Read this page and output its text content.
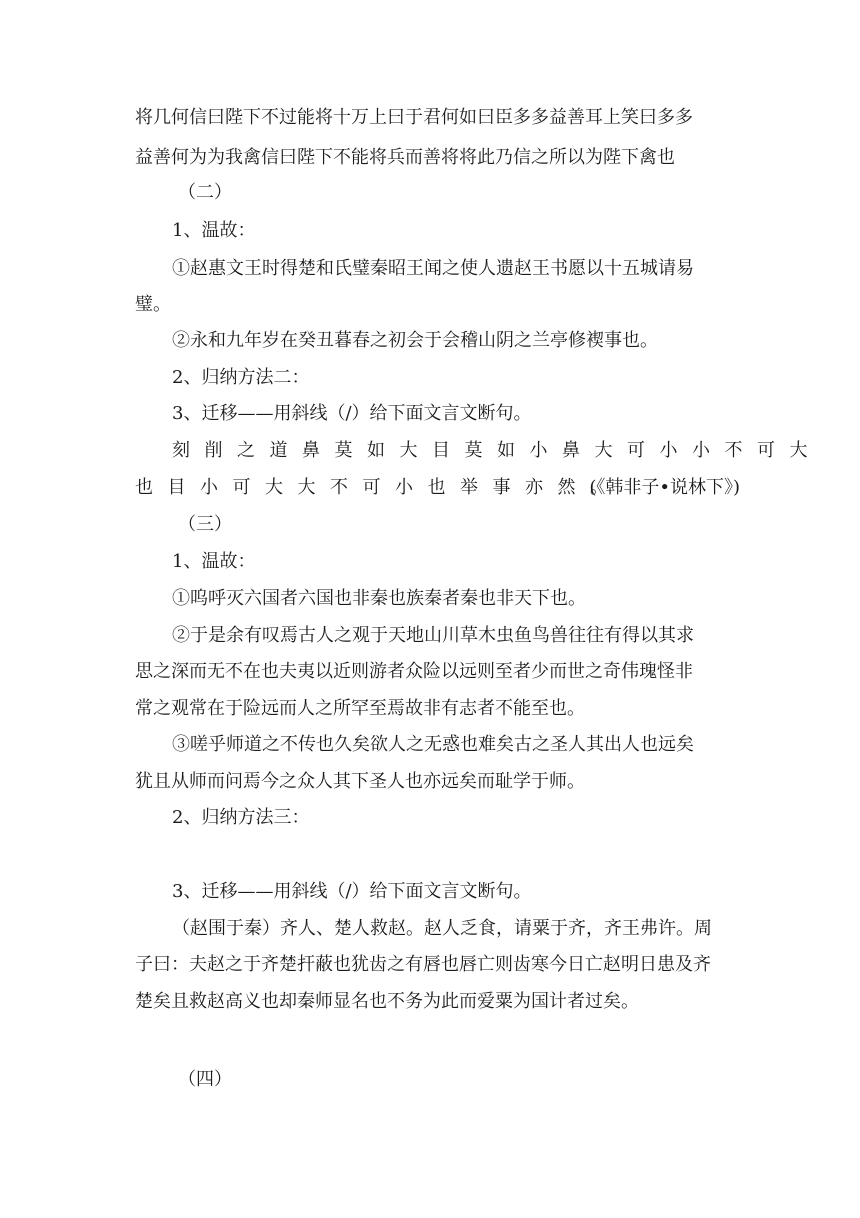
将几何信曰陛下不过能将十万上曰于君何如曰臣多多益善耳上笑曰多多
益善何为为我禽信曰陛下不能将兵而善将将此乃信之所以为陛下禽也
（二）
1、温故：
①赵惠文王时得楚和氏璧秦昭王闻之使人遗赵王书愿以十五城请易
璧。
②永和九年岁在癸丑暮春之初会于会稽山阴之兰亭修褉事也。
2、归纳方法二：
3、迁移——用斜线（/）给下面文言文断句。
刻削之道鼻莫如大目莫如小鼻大可小小不可大
也目小可大大不可小也举事亦然。
(《韩非子•说林下》)
（三）
1、温故：
①呜呼灭六国者六国也非秦也族秦者秦也非天下也。
②于是余有叹焉古人之观于天地山川草木虫鱼鸟兽往往有得以其求
思之深而无不在也夫夷以近则游者众险以远则至者少而世之奇伟瑰怪非
常之观常在于险远而人之所罕至焉故非有志者不能至也。
③嗟乎师道之不传也久矣欲人之无惑也难矣古之圣人其出人也远矣
犹且从师而问焉今之众人其下圣人也亦远矣而耻学于师。
2、归纳方法三：
3、迁移——用斜线（/）给下面文言文断句。
（赵围于秦）齐人、楚人救赵。赵人乏食，请粟于齐，齐王弗许。周
子曰：夫赵之于齐楚扞蔽也犹齿之有唇也唇亡则齿寒今日亡赵明日患及齐
楚矣且救赵高义也却秦师显名也不务为此而爱粟为国计者过矣。
（四）
